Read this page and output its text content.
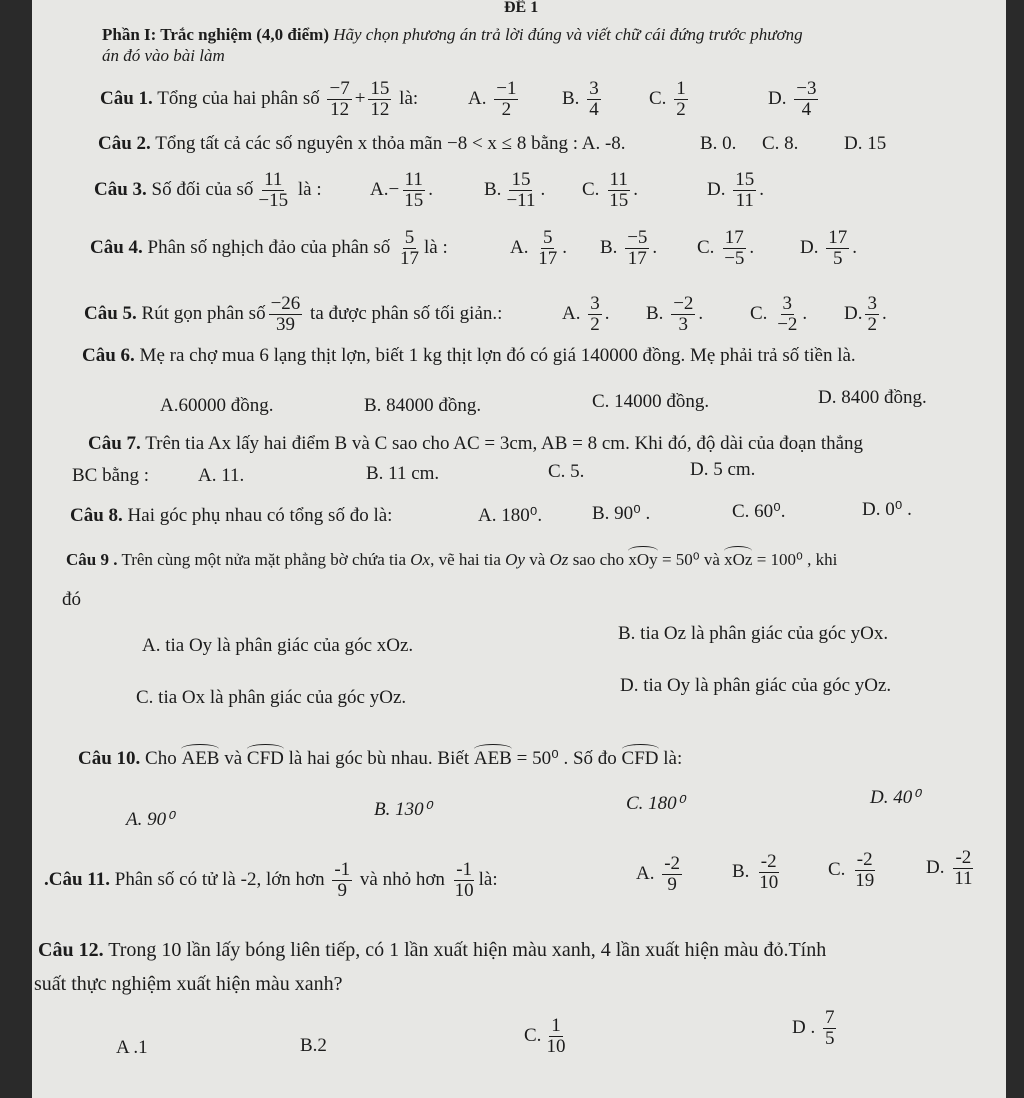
ĐỀ 1
Phần I: Trắc nghiệm (4,0 điểm) Hãy chọn phương án trả lời đúng và viết chữ cái đứng trước phương
án đó vào bài làm
Câu 1. Tổng của hai phân số $\frac{-7}{12} + \frac{15}{12}$ là:	A. $\frac{-1}{2} B$. $\frac{3}{4}$	C. $\frac{1}{2}$	D. $\frac{-3}{4}$
Câu 2. Tổng tất cả các số nguyên x thỏa mãn −8 < x ≤ 8 bằng : A. -8.	B. 0. C. 8. D. 15
Câu 3. Số đối của số $\frac{11}{-15}$ là :	$A.- \frac{11}{15}$ .	B. $\frac{15}{-11}$ . C. $\frac{11}{15}$ .	D. $\frac{15}{11}$ .
Câu 4. Phân số nghịch đảo của phân số $\frac{5}{17}$ là :	A. $\frac{5}{17}$ . B. $\frac{-5}{17}$ . C. $\frac{17}{-5}$ . D. $\frac{17}{5}$ .
Câu 5. Rút gọn phân số $\frac{-26}{39}$ ta được phân số tối giản.:	A. $\frac{3}{2}$ . B. $\frac{-2}{3}$ . C. $\frac{3}{-2}$ . D. $\frac{3}{2}$ .
Câu 6. Mẹ ra chợ mua 6 lạng thịt lợn, biết 1 kg thịt lợn đó có giá 140000 đồng. Mẹ phải trả số tiền là.
A.60000 đồng.	B. 84000 đồng.	C. 14000 đồng.	D. 8400 đồng.
Câu 7. Trên tia Ax lấy hai điểm B và C sao cho AC = 3cm, AB = 8 cm. Khi đó, độ dài của đoạn thẳng
BC bằng :	A. 11.	B. 11 cm.	C. 5.	D. 5 cm.
Câu 8. Hai góc phụ nhau có tổng số đo là:	A. 180⁰.	B. 90⁰ .	C. 60⁰.	D. 0⁰ .
Câu 9 . Trên cùng một nửa mặt phẳng bờ chứa tia Ox, vẽ hai tia Oy và Oz sao cho xOy = 50⁰ và xOz = 100⁰ , khi
đó
A. tia Oy là phân giác của góc xOz.
B. tia Oz là phân giác của góc yOx.
C. tia Ox là phân giác của góc yOz.
D. tia Oy là phân giác của góc yOz.
Câu 10. Cho AEB và CFD là hai góc bù nhau. Biết AEB = 50⁰ . Số đo CFD là:
A. 90⁰	B. 130⁰	C. 180⁰	D. 40⁰
.Câu 11. Phân số có tử là -2, lớn hơn $\frac{-1}{9}$ và nhỏ hơn $\frac{-1}{10}$ là:	A. $\frac{-2}{9}$	B. $\frac{-2}{10}$	C. $\frac{-2}{19}$	D. $\frac{-2}{11}$
Câu 12. Trong 10 lần lấy bóng liên tiếp, có 1 lần xuất hiện màu xanh, 4 lần xuất hiện màu đỏ.Tính
suất thực nghiệm xuất hiện màu xanh?
A .1	B.2	C. $\frac{1}{10}$	D . $\frac{7}{5}$
